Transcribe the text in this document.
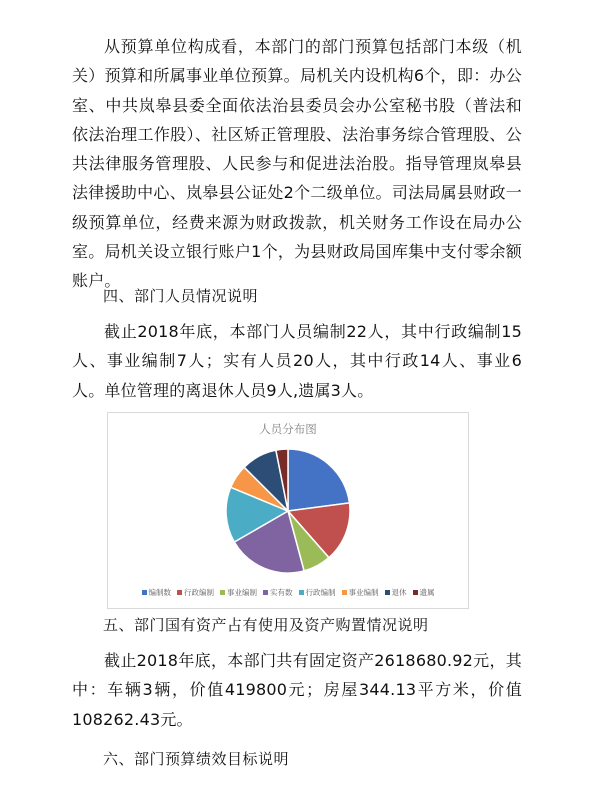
从预算单位构成看，本部门的部门预算包括部门本级（机关）预算和所属事业单位预算。局机关内设机构6个，即：办公室、中共岚皋县委全面依法治县委员会办公室秘书股（普法和依法治理工作股）、社区矫正管理股、法治事务综合管理股、公共法律服务管理股、人民参与和促进法治股。指导管理岚皋县法律援助中心、岚皋县公证处2个二级单位。司法局属县财政一级预算单位，经费来源为财政拨款，机关财务工作设在局办公室。局机关设立银行账户1个，为县财政局国库集中支付零余额账户。
四、部门人员情况说明
截止2018年底，本部门人员编制22人，其中行政编制15人、事业编制7人；实有人员20人，其中行政14人、事业6人。单位管理的离退休人员9人,遗属3人。
人员分布图
编制数 行政编制 事业编制 实有数 行政编制 事业编制 退休 遗属
五、部门国有资产占有使用及资产购置情况说明
截止2018年底，本部门共有固定资产2618680.92元，其中：车辆3辆，价值419800元；房屋344.13平方米，价值108262.43元。
六、部门预算绩效目标说明
